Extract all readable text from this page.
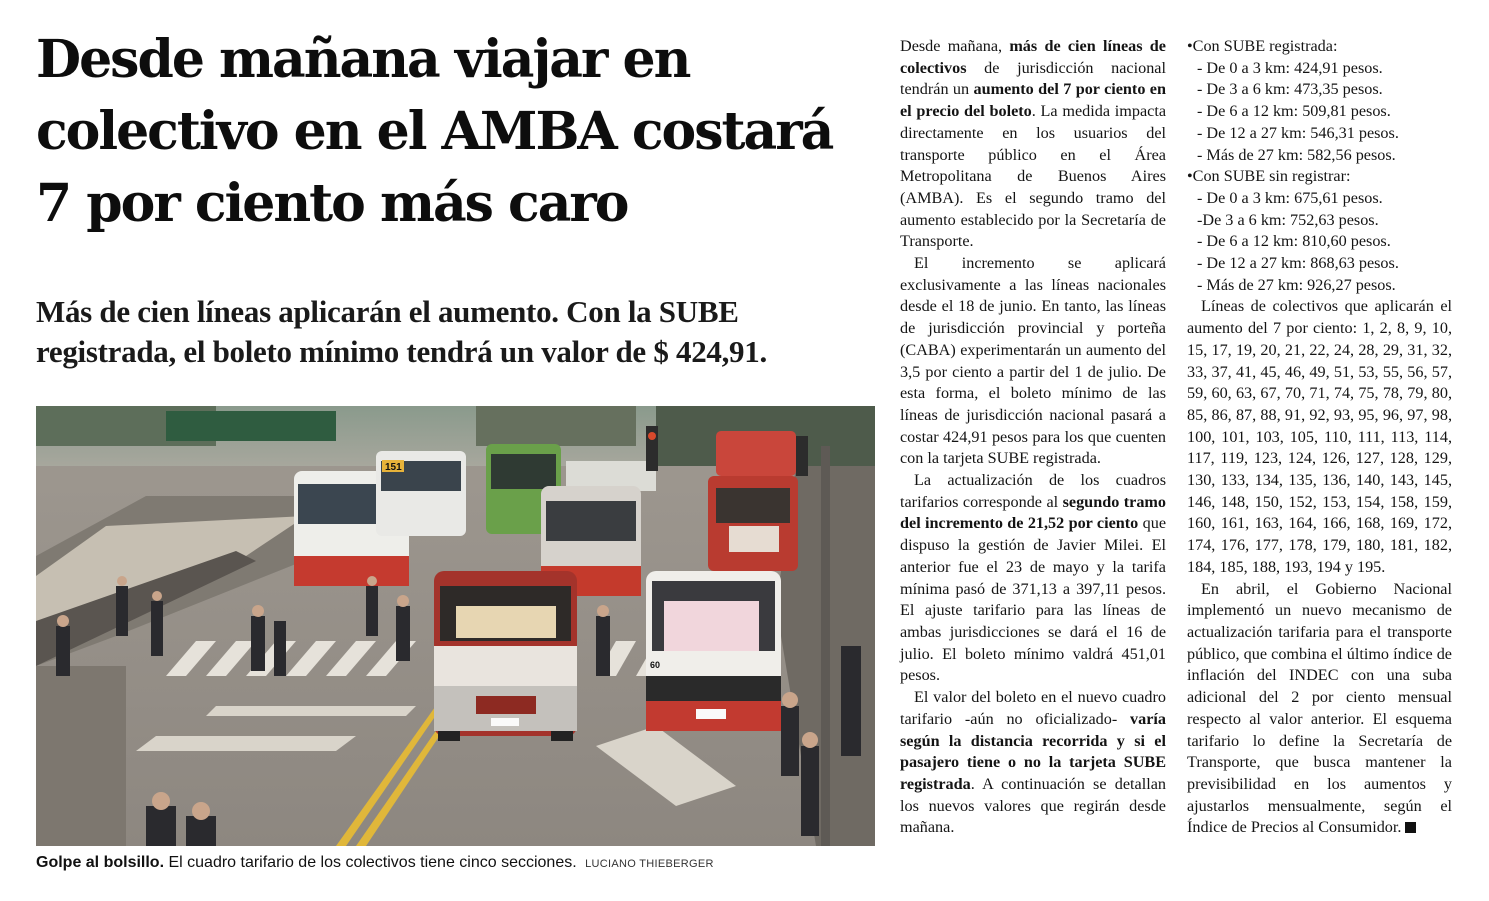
Desde mañana viajar en colectivo en el AMBA costará 7 por ciento más caro
Más de cien líneas aplicarán el aumento. Con la SUBE registrada, el boleto mínimo tendrá un valor de $ 424,91.
151
60
Golpe al bolsillo. El cuadro tarifario de los colectivos tiene cinco secciones. LUCIANO THIEBERGER

Desde mañana, más de cien líneas de colectivos de jurisdicción nacional tendrán un aumento del 7 por ciento en el precio del boleto. La medida impacta directamente en los usuarios del transporte público en el Área Metropolitana de Buenos Aires (AMBA). Es el segundo tramo del aumento establecido por la Secretaría de Transporte.

El incremento se aplicará exclusivamente a las líneas nacionales desde el 18 de junio. En tanto, las líneas de jurisdicción provincial y porteña (CABA) experimentarán un aumento del 3,5 por ciento a partir del 1 de julio. De esta forma, el boleto mínimo de las líneas de jurisdicción nacional pasará a costar 424,91 pesos para los que cuenten con la tarjeta SUBE registrada.

La actualización de los cuadros tarifarios corresponde al segundo tramo del incremento de 21,52 por ciento que dispuso la gestión de Javier Milei. El anterior fue el 23 de mayo y la tarifa mínima pasó de 371,13 a 397,11 pesos. El ajuste tarifario para las líneas de ambas jurisdicciones se dará el 16 de julio. El boleto mínimo valdrá 451,01 pesos.

El valor del boleto en el nuevo cuadro tarifario -aún no oficializado- varía según la distancia recorrida y si el pasajero tiene o no la tarjeta SUBE registrada. A continuación se detallan los nuevos valores que regirán desde mañana.

•Con SUBE registrada:
- De 0 a 3 km: 424,91 pesos.
- De 3 a 6 km: 473,35 pesos.
- De 6 a 12 km: 509,81 pesos.
- De 12 a 27 km: 546,31 pesos.
- Más de 27 km: 582,56 pesos.
•Con SUBE sin registrar:
- De 0 a 3 km: 675,61 pesos.
-De 3 a 6 km: 752,63 pesos.
- De 6 a 12 km: 810,60 pesos.
- De 12 a 27 km: 868,63 pesos.
- Más de 27 km: 926,27 pesos.

Líneas de colectivos que aplicarán el aumento del 7 por ciento: 1, 2, 8, 9, 10, 15, 17, 19, 20, 21, 22, 24, 28, 29, 31, 32, 33, 37, 41, 45, 46, 49, 51, 53, 55, 56, 57, 59, 60, 63, 67, 70, 71, 74, 75, 78, 79, 80, 85, 86, 87, 88, 91, 92, 93, 95, 96, 97, 98, 100, 101, 103, 105, 110, 111, 113, 114, 117, 119, 123, 124, 126, 127, 128, 129, 130, 133, 134, 135, 136, 140, 143, 145, 146, 148, 150, 152, 153, 154, 158, 159, 160, 161, 163, 164, 166, 168, 169, 172, 174, 176, 177, 178, 179, 180, 181, 182, 184, 185, 188, 193, 194 y 195.

En abril, el Gobierno Nacional implementó un nuevo mecanismo de actualización tarifaria para el transporte público, que combina el último índice de inflación del INDEC con una suba adicional del 2 por ciento mensual respecto al valor anterior. El esquema tarifario lo define la Secretaría de Transporte, que busca mantener la previsibilidad en los aumentos y ajustarlos mensualmente, según el Índice de Precios al Consumidor.
